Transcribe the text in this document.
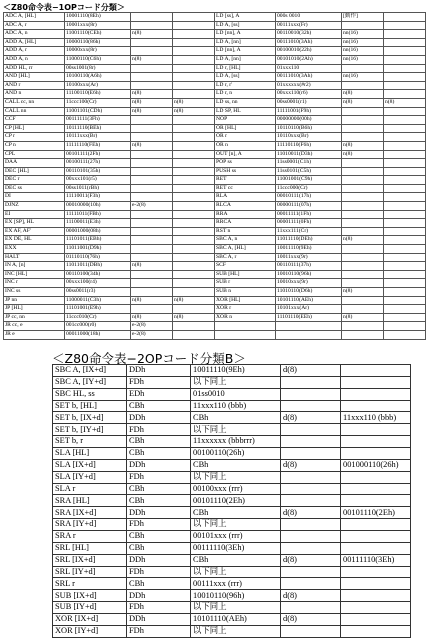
＜Z80命令表−1OPコード分類＞
ADC A, [HL]	10001110(8Eh)			LD [ss], A	000s 0010	[動作]	
ADC A, r	10001xxx(8r)			LD A, [ss]	00111xxx(Fr)		
ADC A, n	11001110(CEh)	n(8)		LD [nn], A	00110010(32h)	nn(16)	
ADD A, [HL]	10000110(86h)			LD A, [nn]	00111010(3Ah)	nn(16)	
ADD A, r	10000xxx(8r)			LD [nn], A	00100010(22h)	nn(16)	
ADD A, n	11000110(C6h)	n(8)		LD A, [nn]	00101010(2Ah)	nn(16)	
ADD HL, rr	00ss1001(8r)			LD r, [HL]	01xxx110		
AND [HL]	10100110(A6h)			LD A, [ss]	00111010(3Ah)	nn(16)	
AND r	10100xxx(Ar)			LD r, r'	01xxxxxx(#r2)		
AND n	11100110(E6h)	n(8)		LD r, n	00xxx110(r6)	n(8)	
CALL cc, nn	11ccc100(Cr)	n(8)	n(8)	LD ss, nn	00ss0001(r1)	n(8)	n(8)
CALL nn	11001101(CDh)	n(8)	n(8)	LD SP, HL	11111001(F9h)		
CCF	00111111(3Fh)			NOP	00000000(00h)		
CP [HL]	10111110(BEh)			OR [HL]	10110110(B6h)		
CP r	10111xxx(Br)			OR r	10110xxx(Br)		
CP n	11111110(FEh)	n(8)		OR n	11110110(F6h)	n(8)	
CPL	00101111(2Fh)			OUT [n], A	11010011(D3h)	n(8)	
DAA	00100111(27h)			POP ss	11ss0001(C1h)		
DEC [HL]	00110101(35h)			PUSH ss	11ss0101(C5h)		
DEC r	00xxx101(r5)			RET	11001001(C9h)		
DEC ss	00ss1011(rBh)			RET cc	11ccc000(Cr)		
DI	11110011(F3h)			RLA	00010111(17h)		
DJNZ	00010000(10h)	e-2(8)		RLCA	00000111(07h)		
EI	11111011(FBh)			RRA	00011111(1Fh)		
EX [SP], HL	11100011(E3h)			RRCA	00001111(0Fh)		
EX AF, AF'	00001000(08h)			RST n	11xxx111(Cr)		
EX DE, HL	11101011(EBh)			SBC A, n	11011110(DEh)	n(8)	
EXX	11011001(D9h)			SBC A, [HL]	10011110(9Eh)		
HALT	01110110(76h)			SBC A, r	10011xxx(9r)		
IN A, [n]	11011011(DBh)	n(8)		SCF	00110111(37h)		
INC [HL]	00110100(34h)			SUB [HL]	10010110(96h)		
INC r	00xxx100(r4)			SUB r	10010xxx(9r)		
INC ss	00ss0011(r3)			SUB n	11010110(D6h)	n(8)	
JP nn	11000011(C3h)	n(8)	n(8)	XOR [HL]	10101110(AEh)		
JP [HL]	11101001(E9h)			XOR r	10101xxx(Ar)		
JP cc, nn	11ccc010(Cr)	n(8)	n(8)	XOR n	11101110(EEh)	n(8)	
JR cc, e	001cc000(r0)	e-2(8)					
JR e	00011000(18h)	e-2(8)					
＜Z80命令表−2OPコード分類B＞
SBC A, [IX+d]	DDh	10011110(9Eh)	d(8)	
SBC A, [IY+d]	FDh	以下同上		
SBC HL, ss	EDh	01ss0010		
SET b, [HL]	CBh	11xxx110 (bbb)		
SET b, [IX+d]	DDh	CBh	d(8)	11xxx110 (bbb)
SET b, [IY+d]	FDh	以下同上		
SET b, r	CBh	11xxxxxx (bbbrrr)		
SLA [HL]	CBh	00100110(26h)		
SLA [IX+d]	DDh	CBh	d(8)	001000110(26h)
SLA [IY+d]	FDh	以下同上		
SLA r	CBh	00100xxx (rrr)		
SRA [HL]	CBh	00101110(2Eh)		
SRA [IX+d]	DDh	CBh	d(8)	00101110(2Eh)
SRA [IY+d]	FDh	以下同上		
SRA r	CBh	00101xxx (rrr)		
SRL [HL]	CBh	00111110(3Eh)		
SRL [IX+d]	DDh	CBh	d(8)	00111110(3Eh)
SRL [IY+d]	FDh	以下同上		
SRL r	CBh	00111xxx (rrr)		
SUB [IX+d]	DDh	10010110(96h)	d(8)	
SUB [IY+d]	FDh	以下同上		
XOR [IX+d]	DDh	10101110(AEh)	d(8)	
XOR [IY+d]	FDh	以下同上		
